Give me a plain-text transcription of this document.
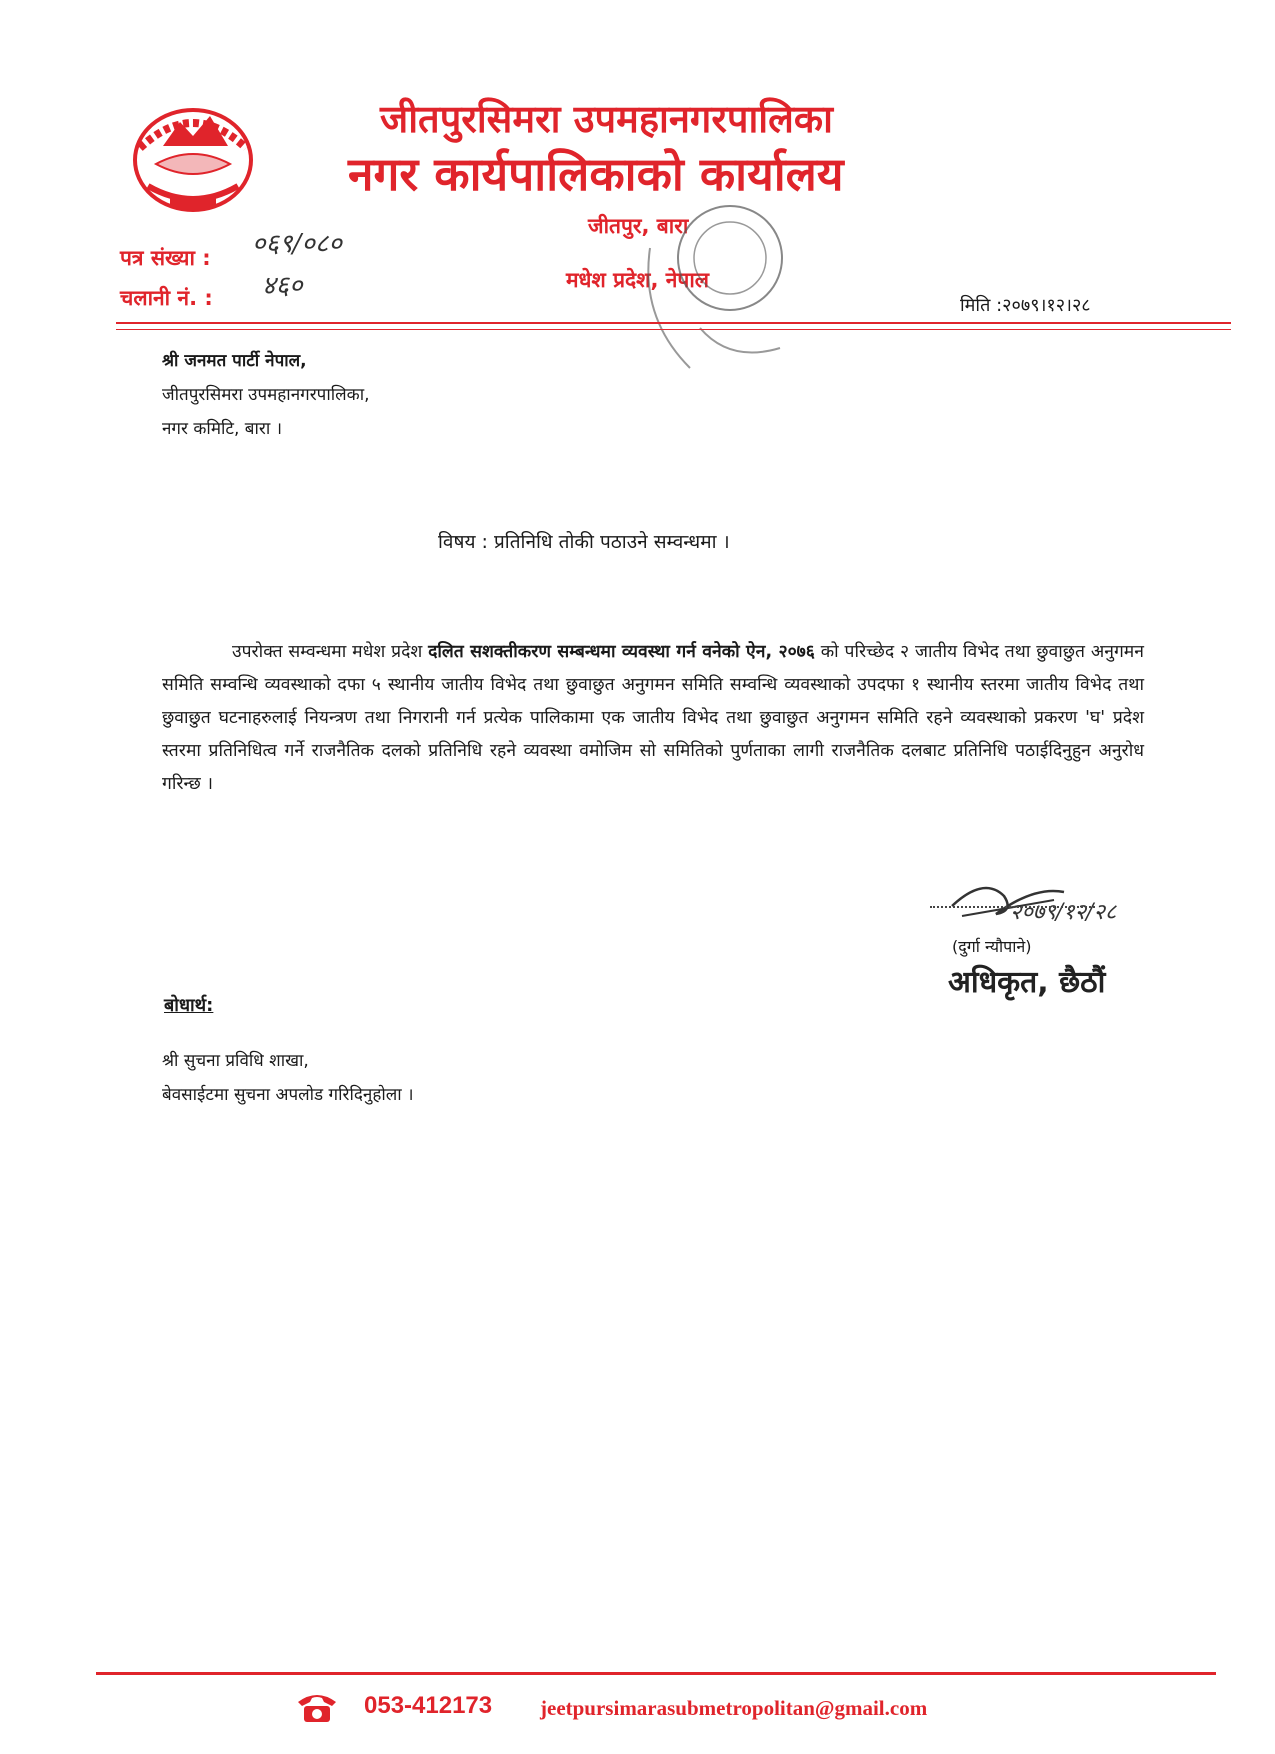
जीतपुरसिमरा उपमहानगरपालिका
नगर कार्यपालिकाको कार्यालय
जीतपुर, बारा
मधेश प्रदेश, नेपाल
पत्र संख्या : ०६९/०८०
चलानी नं. : ४६०
मिति :२०७९।१२।२८
श्री जनमत पार्टी नेपाल,
जीतपुरसिमरा उपमहानगरपालिका,
नगर कमिटि, बारा ।
विषय : प्रतिनिधि तोकी पठाउने सम्वन्धमा ।
उपरोक्त सम्वन्धमा मधेश प्रदेश दलित सशक्तीकरण सम्बन्धमा व्यवस्था गर्न वनेको ऐन, २०७६ को परिच्छेद २ जातीय विभेद तथा छुवाछुत अनुगमन समिति सम्वन्धि व्यवस्थाको दफा ५ स्थानीय जातीय विभेद तथा छुवाछुत अनुगमन समिति सम्वन्धि व्यवस्थाको उपदफा १ स्थानीय स्तरमा जातीय विभेद तथा छुवाछुत घटनाहरुलाई नियन्त्रण तथा निगरानी गर्न प्रत्येक पालिकामा एक जातीय विभेद तथा छुवाछुत अनुगमन समिति रहने व्यवस्थाको प्रकरण 'घ' प्रदेश स्तरमा प्रतिनिधित्व गर्ने राजनैतिक दलको प्रतिनिधि रहने व्यवस्था वमोजिम सो समितिको पुर्णताका लागी राजनैतिक दलबाट प्रतिनिधि पठाईदिनुहुन अनुरोध गरिन्छ ।
२०७९/१२/२८
(दुर्गा न्यौपाने)
अधिकृत, छैठौं
बोधार्थ:
श्री सुचना प्रविधि शाखा,
बेवसाईटमा सुचना अपलोड गरिदिनुहोला ।
053-412173 jeetpursimarasubmetropolitan@gmail.com
